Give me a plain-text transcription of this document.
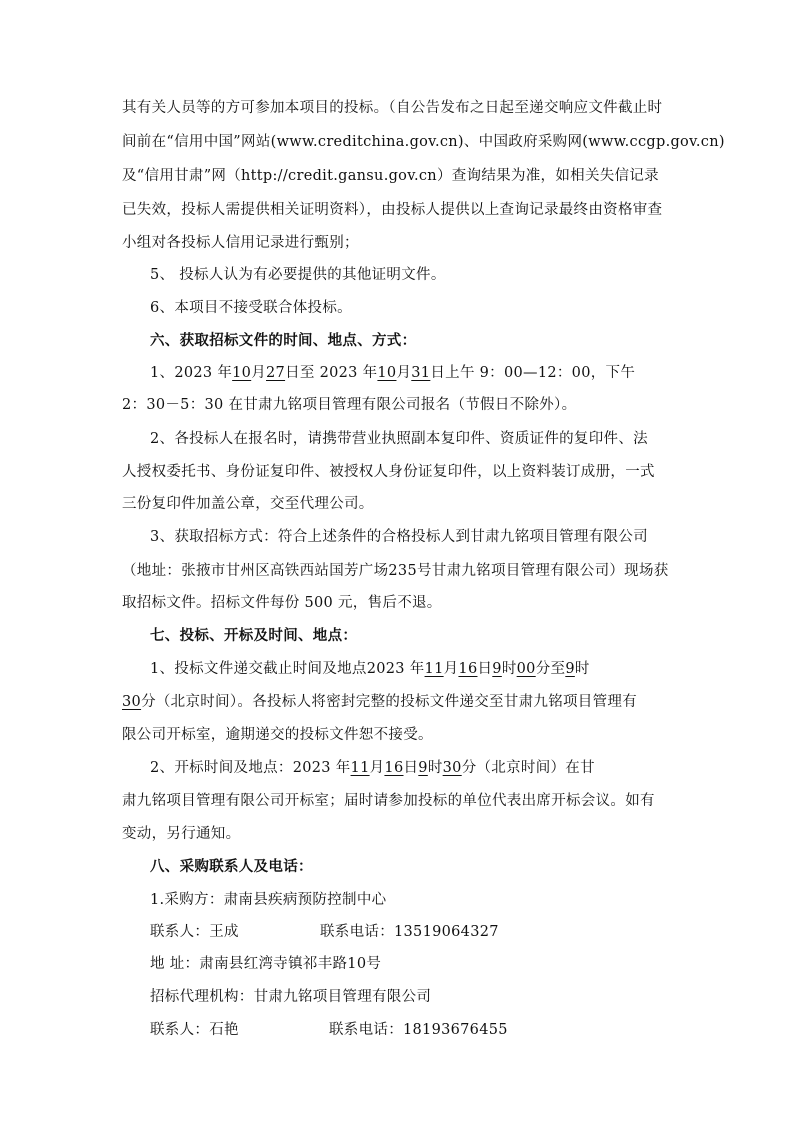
其有关人员等的方可参加本项目的投标。（自公告发布之日起至递交响应文件截止时
间前在“信用中国”网站(www.creditchina.gov.cn)、中国政府采购网(www.ccgp.gov.cn)
及“信用甘肃”网（http://credit.gansu.gov.cn）查询结果为准，如相关失信记录
已失效，投标人需提供相关证明资料），由投标人提供以上查询记录最终由资格审查
小组对各投标人信用记录进行甄别；
5、 投标人认为有必要提供的其他证明文件。
6、本项目不接受联合体投标。
六、获取招标文件的时间、地点、方式：
1、2023 年10月27日至 2023 年10月31日上午 9：00—12：00，下午
2：30－5：30 在甘肃九铭项目管理有限公司报名（节假日不除外）。
2、各投标人在报名时，请携带营业执照副本复印件、资质证件的复印件、法
人授权委托书、身份证复印件、被授权人身份证复印件，以上资料装订成册，一式
三份复印件加盖公章，交至代理公司。
3、获取招标方式：符合上述条件的合格投标人到甘肃九铭项目管理有限公司
（地址：张掖市甘州区高铁西站国芳广场235号甘肃九铭项目管理有限公司）现场获
取招标文件。招标文件每份 500 元，售后不退。
七、投标、开标及时间、地点：
1、投标文件递交截止时间及地点2023 年11月16日9时00分至9时
30分（北京时间）。各投标人将密封完整的投标文件递交至甘肃九铭项目管理有
限公司开标室，逾期递交的投标文件恕不接受。
2、开标时间及地点：2023 年11月16日9时30分（北京时间）在甘
肃九铭项目管理有限公司开标室；届时请参加投标的单位代表出席开标会议。如有
变动，另行通知。
八、采购联系人及电话：
1.采购方：肃南县疾病预防控制中心
联系人：王成	联系电话：13519064327
地 址：肃南县红湾寺镇祁丰路10号
招标代理机构：甘肃九铭项目管理有限公司
联系人：石艳	联系电话：18193676455
